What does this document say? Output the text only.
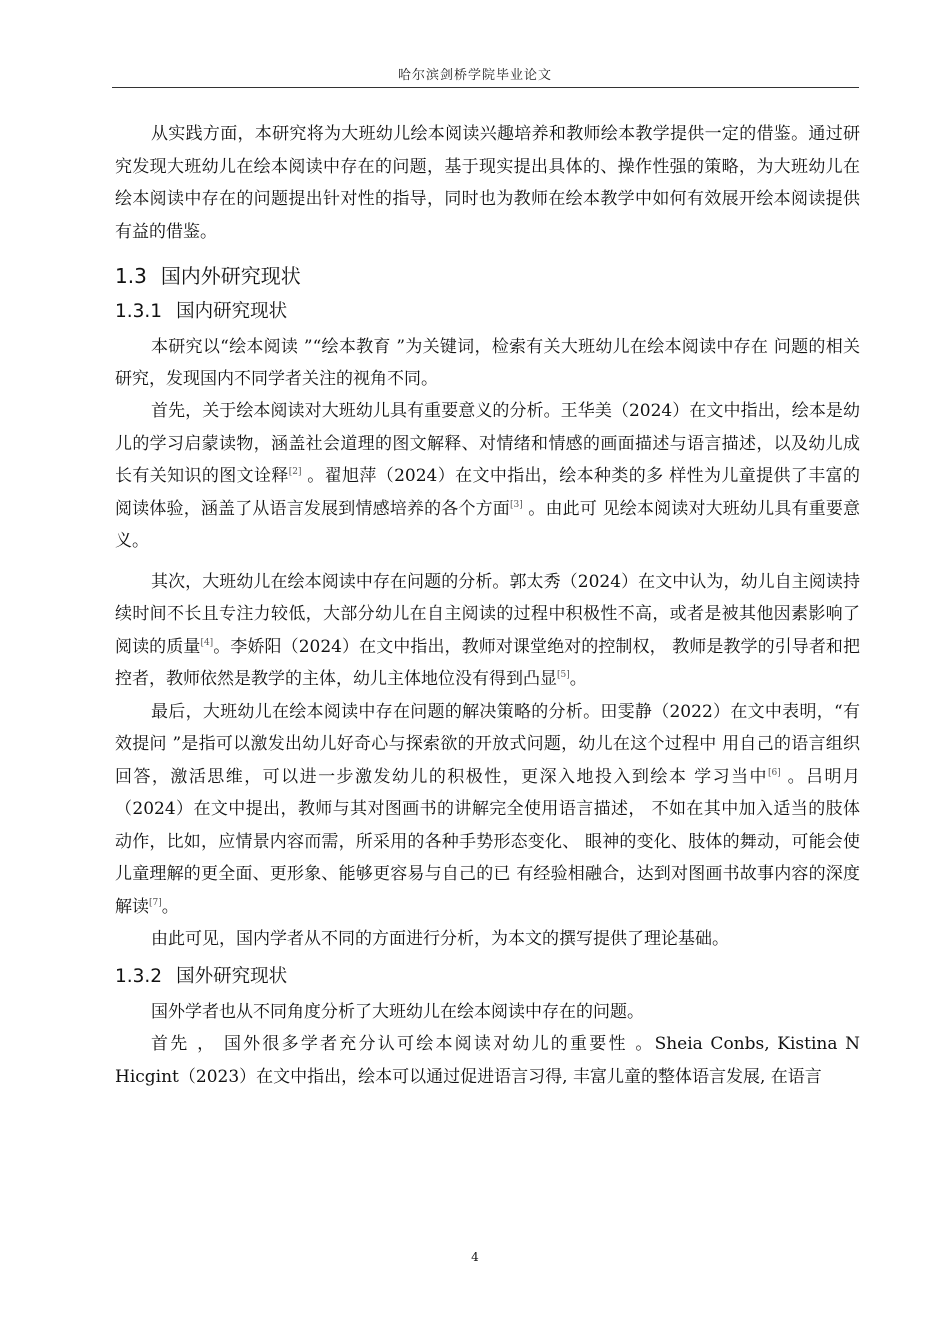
哈尔滨剑桥学院毕业论文

从实践方面，本研究将为大班幼儿绘本阅读兴趣培养和教师绘本教学提供一定的借鉴。通过研究发现大班幼儿在绘本阅读中存在的问题，基于现实提出具体的、操作性强的策略，为大班幼儿在绘本阅读中存在的问题提出针对性的指导，同时也为教师在绘本教学中如何有效展开绘本阅读提供有益的借鉴。

1.3 国内外研究现状
1.3.1 国内研究现状

本研究以“绘本阅读 ”“绘本教育 ”为关键词，检索有关大班幼儿在绘本阅读中存在 问题的相关研究，发现国内不同学者关注的视角不同。

首先，关于绘本阅读对大班幼儿具有重要意义的分析。王华美（2024）在文中指出，绘本是幼儿的学习启蒙读物，涵盖社会道理的图文解释、对情绪和情感的画面描述与语言描述，以及幼儿成长有关知识的图文诠释[2] 。翟旭萍（2024）在文中指出，绘本种类的多 样性为儿童提供了丰富的阅读体验，涵盖了从语言发展到情感培养的各个方面[3] 。由此可 见绘本阅读对大班幼儿具有重要意义。

其次，大班幼儿在绘本阅读中存在问题的分析。郭太秀（2024）在文中认为，幼儿自主阅读持续时间不长且专注力较低，大部分幼儿在自主阅读的过程中积极性不高，或者是被其他因素影响了阅读的质量[4]。李娇阳（2024）在文中指出，教师对课堂绝对的控制权， 教师是教学的引导者和把控者，教师依然是教学的主体，幼儿主体地位没有得到凸显[5]。

最后，大班幼儿在绘本阅读中存在问题的解决策略的分析。田雯静（2022）在文中表明，“有效提问 ”是指可以激发出幼儿好奇心与探索欲的开放式问题，幼儿在这个过程中 用自己的语言组织回答，激活思维，可以进一步激发幼儿的积极性，更深入地投入到绘本 学习当中[6] 。吕明月（2024）在文中提出，教师与其对图画书的讲解完全使用语言描述， 不如在其中加入适当的肢体动作，比如，应情景内容而需，所采用的各种手势形态变化、 眼神的变化、肢体的舞动，可能会使儿童理解的更全面、更形象、能够更容易与自己的已 有经验相融合，达到对图画书故事内容的深度解读[7]。

由此可见，国内学者从不同的方面进行分析，为本文的撰写提供了理论基础。

1.3.2 国外研究现状

国外学者也从不同角度分析了大班幼儿在绘本阅读中存在的问题。

首先 ， 国外很多学者充分认可绘本阅读对幼儿的重要性 。Sheia Conbs, Kistina N Hicgint（2023）在文中指出，绘本可以通过促进语言习得, 丰富儿童的整体语言发展, 在语言

4
